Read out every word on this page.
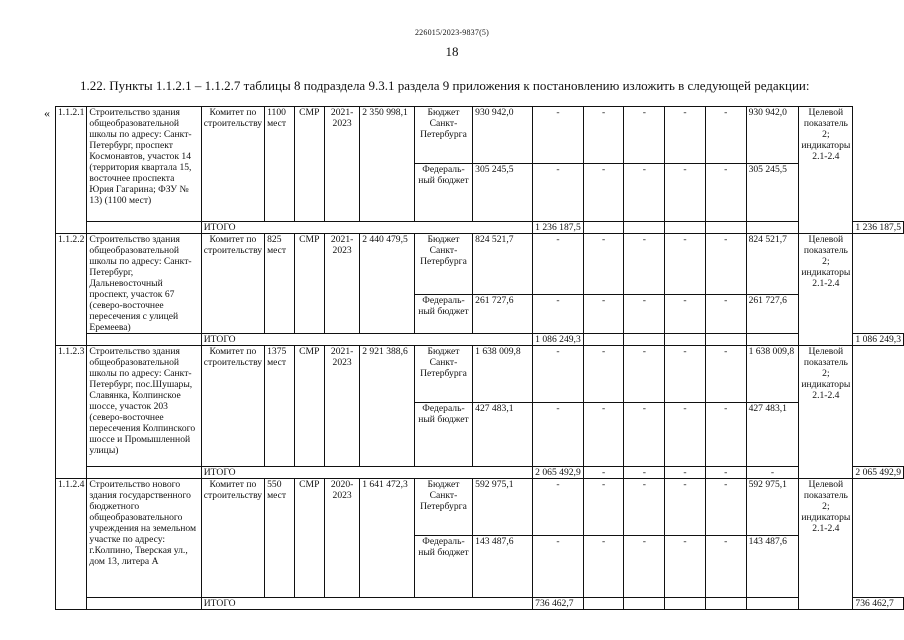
226015/2023-9837(5)
18
1.22. Пункты 1.1.2.1 – 1.1.2.7 таблицы 8 подраздела 9.3.1 раздела 9 приложения к постановлению изложить в следующей редакции:
« 1.1.2.1	Строительство здания общеобразовательной школы по адресу: Санкт-Петербург, проспект Космонавтов, участок 14 (территория квартала 15, восточнее проспекта Юрия Гагарина; ФЗУ № 13) (1100 мест)	Комитет по строительству	1100 мест	СМР	2021-2023	2 350 998,1	Бюджет Санкт-Петербурга	930 942,0	-	-	-	-	-	930 942,0	Целевой показатель 2; индикаторы 2.1-2.4	
							Федераль-ный бюджет	305 245,5	-	-	-	-	-	305 245,5		
		ИТОГО							1 236 187,5							1 236 187,5
1.1.2.2	Строительство здания общеобразовательной школы по адресу: Санкт-Петербург, Дальневосточный проспект, участок 67 (северо-восточнее пересечения с улицей Еремеева)	Комитет по строительству	825 мест	СМР	2021-2023	2 440 479,5	Бюджет Санкт-Петербурга	824 521,7	-	-	-	-	-	824 521,7	Целевой показатель 2; индикаторы 2.1-2.4	
							Федераль-ный бюджет	261 727,6	-	-	-	-	-	261 727,6		
		ИТОГО							1 086 249,3							1 086 249,3
1.1.2.3	Строительство здания общеобразовательной школы по адресу: Санкт-Петербург, пос.Шушары, Славянка, Колпинское шоссе, участок 203 (северо-восточнее пересечения Колпинского шоссе и Промышленной улицы)	Комитет по строительству	1375 мест	СМР	2021-2023	2 921 388,6	Бюджет Санкт-Петербурга	1 638 009,8	-	-	-	-	-	1 638 009,8	Целевой показатель 2; индикаторы 2.1-2.4	
							Федераль-ный бюджет	427 483,1	-	-	-	-	-	427 483,1		
		ИТОГО							2 065 492,9	-	-	-	-	-		2 065 492,9
1.1.2.4	Строительство нового здания государственного бюджетного общеобразовательного учреждения на земельном участке по адресу: г.Колпино, Тверская ул., дом 13, литера А	Комитет по строительству	550 мест	СМР	2020-2023	1 641 472,3	Бюджет Санкт-Петербурга	592 975,1	-	-	-	-	-	592 975,1	Целевой показатель 2; индикаторы 2.1-2.4	
							Федераль-ный бюджет	143 487,6	-	-	-	-	-	143 487,6		
		ИТОГО							736 462,7							736 462,7
